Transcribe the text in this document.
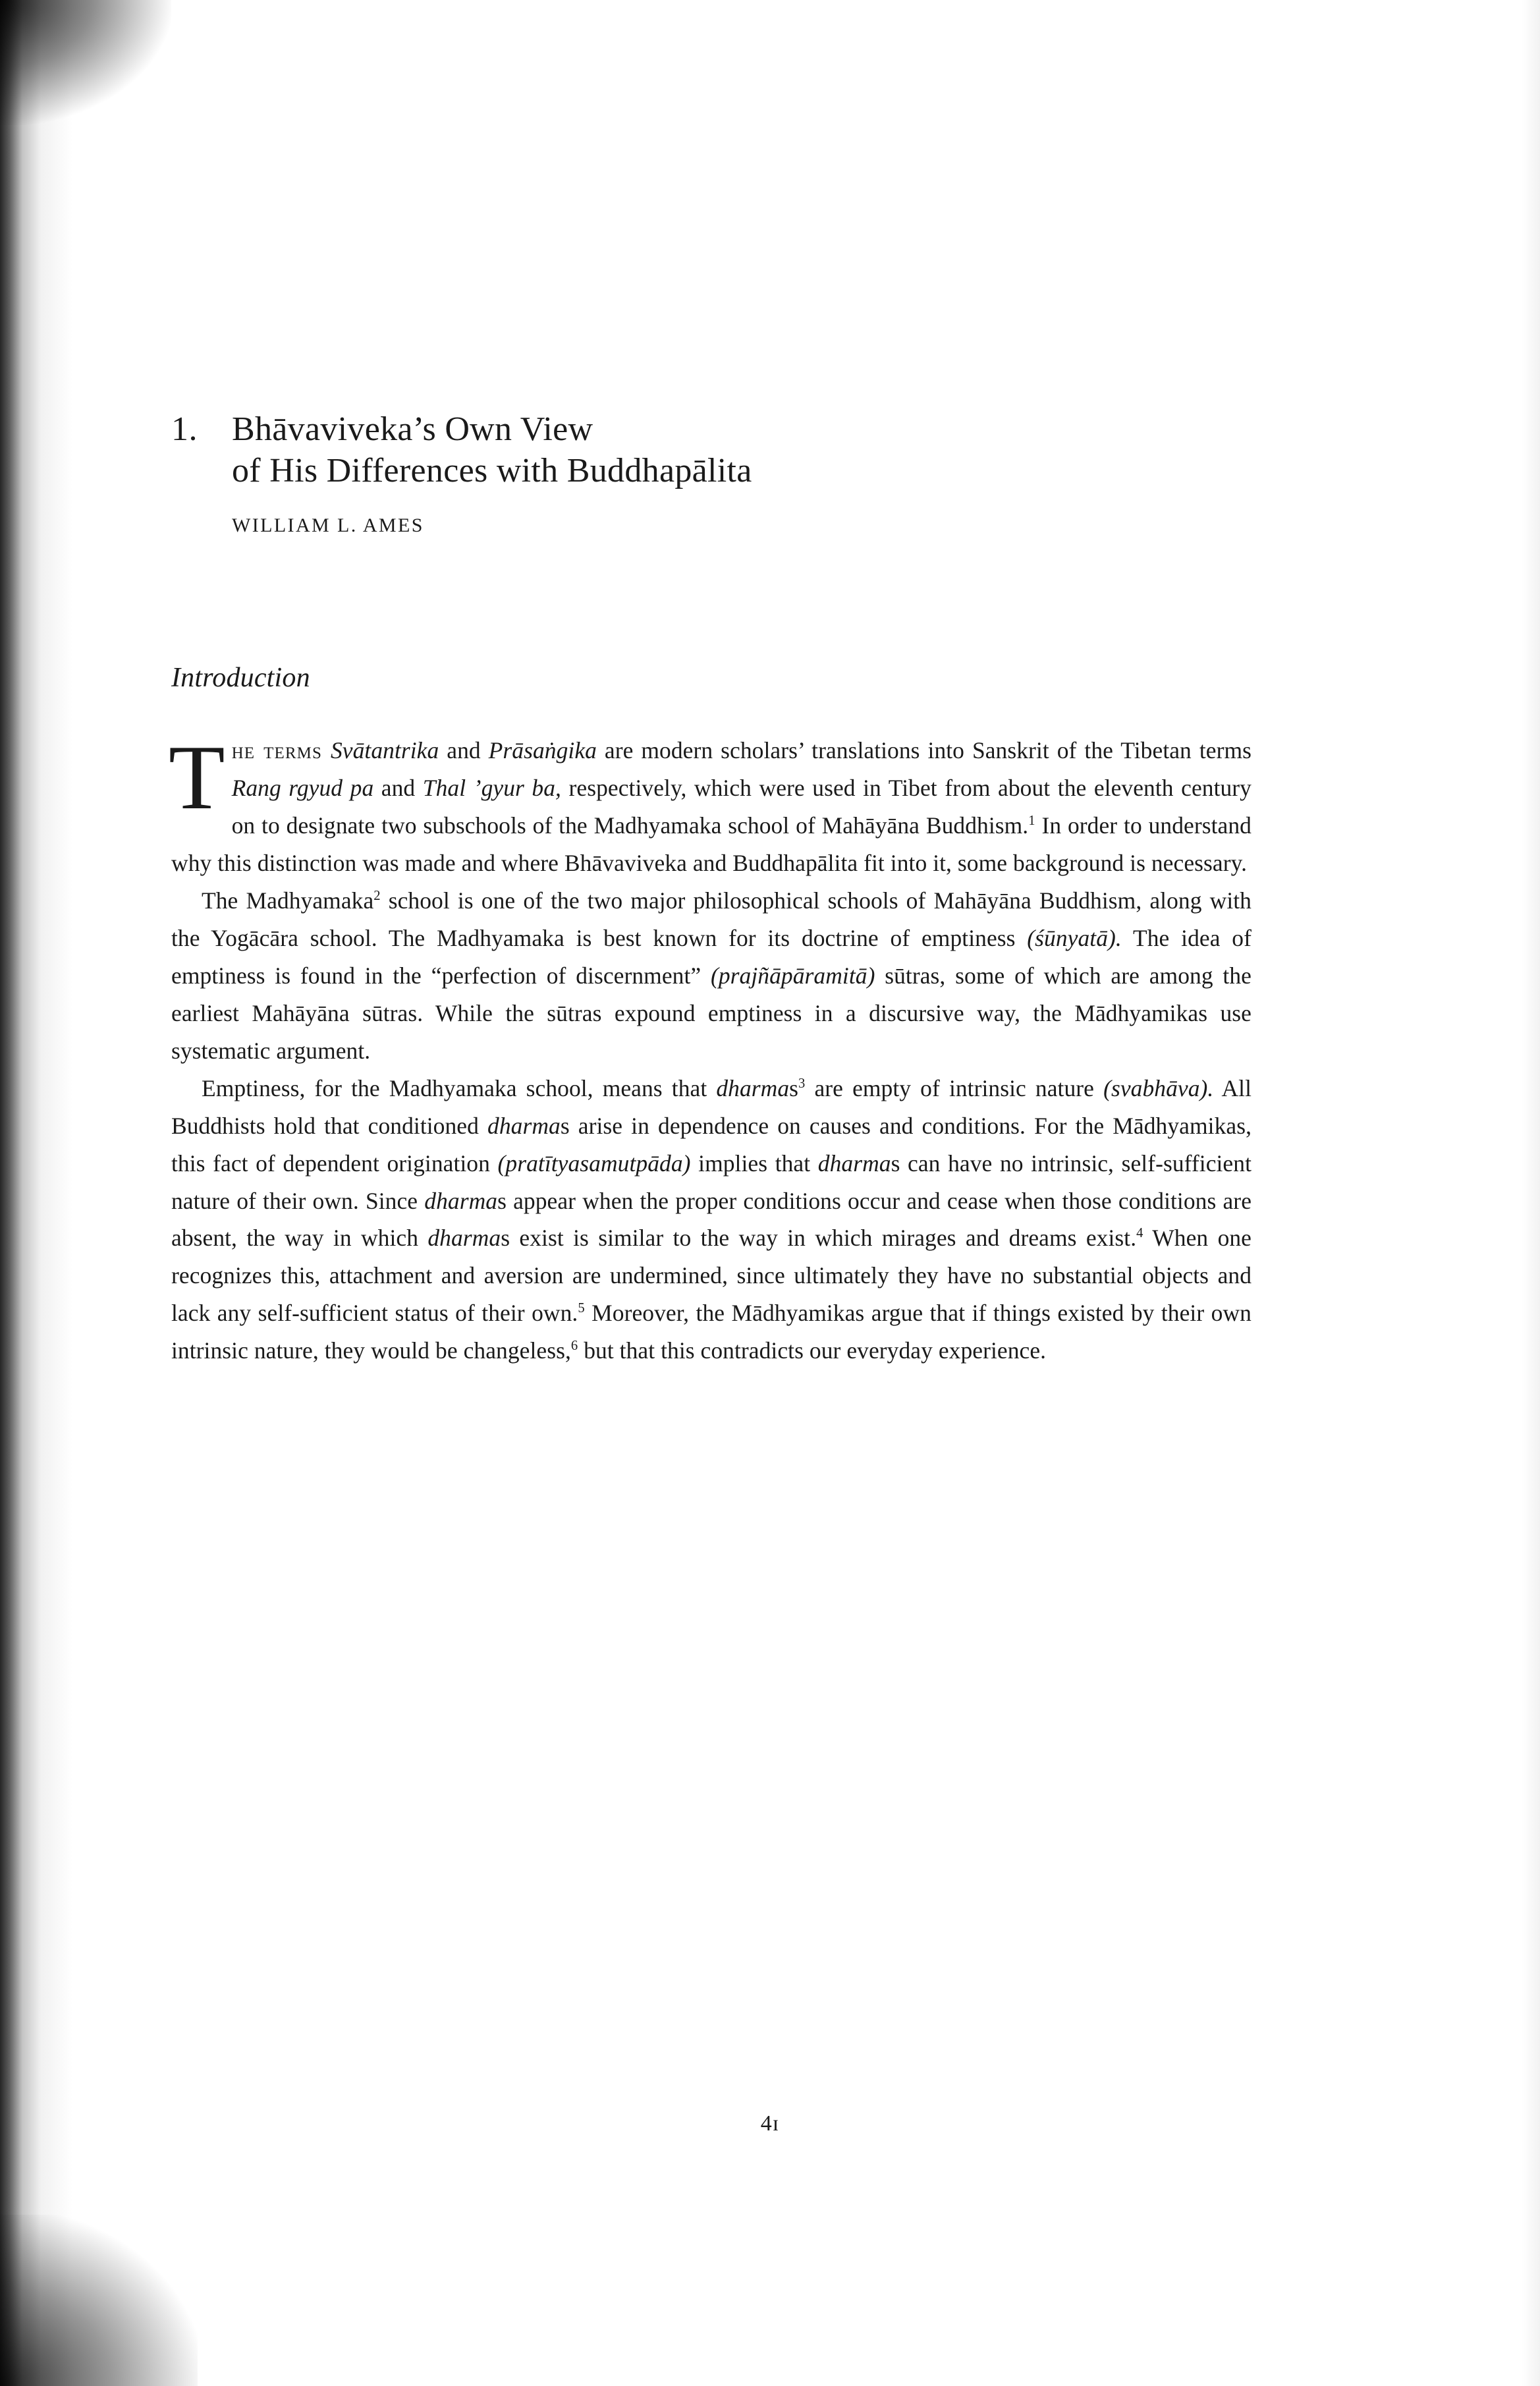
1.	Bhāvaviveka’s Own View
of His Differences with Buddhapālita
WILLIAM L. AMES
Introduction

The terms Svātantrika and Prāsaṅgika are modern scholars’ translations into Sanskrit of the Tibetan terms Rang rgyud pa and Thal ’gyur ba, respectively, which were used in Tibet from about the eleventh century on to designate two subschools of the Madhyamaka school of Mahāyāna Buddhism.$^1$ In order to understand why this distinction was made and where Bhāvaviveka and Buddhapālita fit into it, some background is necessary.

The Madhyamaka$^2$ school is one of the two major philosophical schools of Mahāyāna Buddhism, along with the Yogācāra school. The Madhyamaka is best known for its doctrine of emptiness (śūnyatā). The idea of emptiness is found in the “perfection of discernment” (prajñāpāramitā) sūtras, some of which are among the earliest Mahāyāna sūtras. While the sūtras expound emptiness in a discursive way, the Mādhyamikas use systematic argument.

Emptiness, for the Madhyamaka school, means that dharmas$^3$ are empty of intrinsic nature (svabhāva). All Buddhists hold that conditioned dharmas arise in dependence on causes and conditions. For the Mādhyamikas, this fact of dependent origination (pratītyasamutpāda) implies that dharmas can have no intrinsic, self-sufficient nature of their own. Since dharmas appear when the proper conditions occur and cease when those conditions are absent, the way in which dharmas exist is similar to the way in which mirages and dreams exist.$^4$ When one recognizes this, attachment and aversion are undermined, since ultimately they have no substantial objects and lack any self-sufficient status of their own.$^5$ Moreover, the Mādhyamikas argue that if things existed by their own intrinsic nature, they would be changeless,$^6$ but that this contradicts our everyday experience.

4ɪ
